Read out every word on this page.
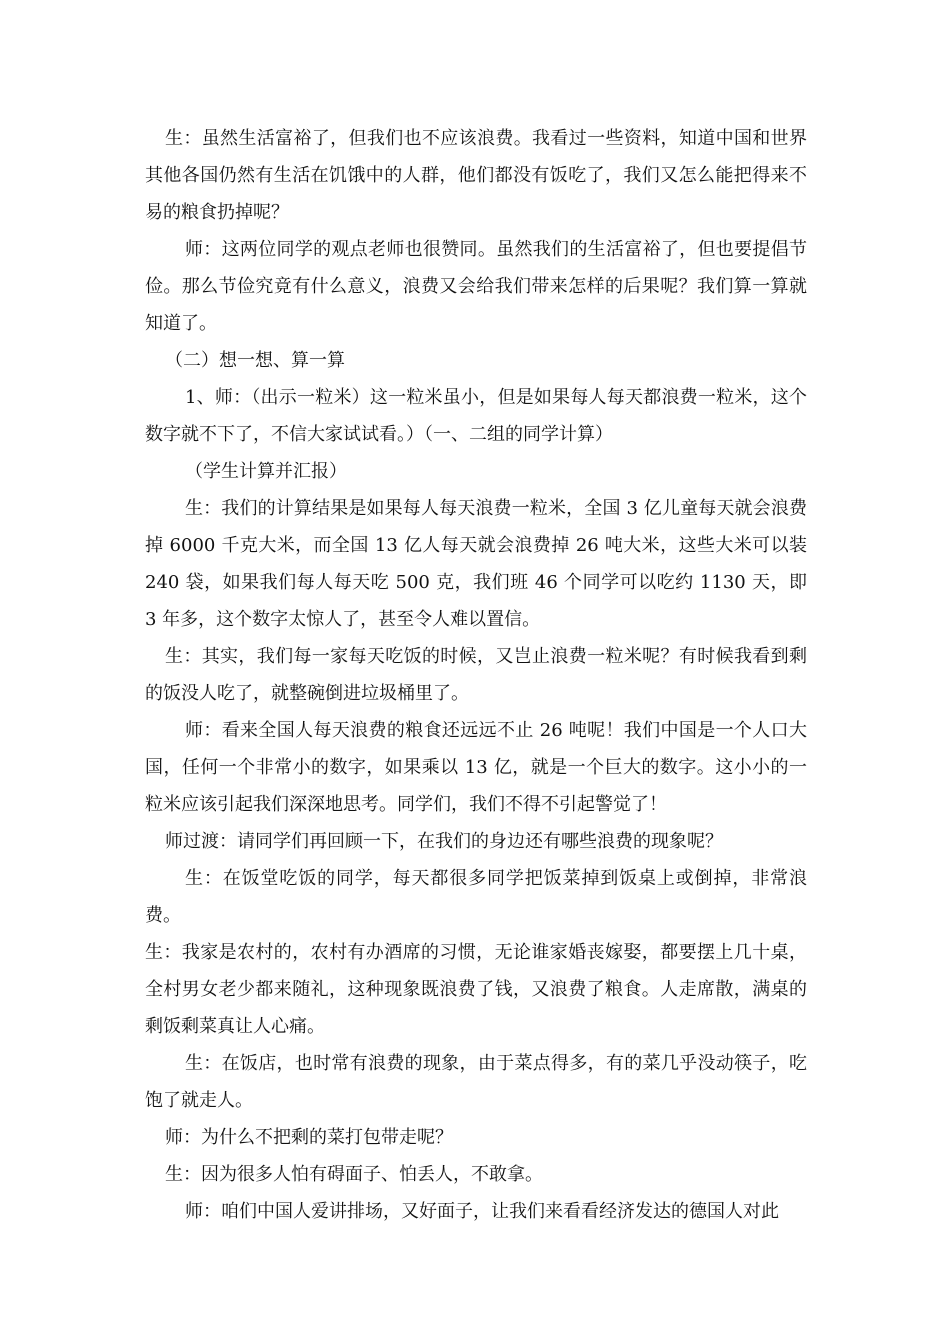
生：虽然生活富裕了，但我们也不应该浪费。我看过一些资料，知道中国和世界其他各国仍然有生活在饥饿中的人群，他们都没有饭吃了，我们又怎么能把得来不易的粮食扔掉呢？

师：这两位同学的观点老师也很赞同。虽然我们的生活富裕了，但也要提倡节俭。那么节俭究竟有什么意义，浪费又会给我们带来怎样的后果呢？我们算一算就知道了。

（二）想一想、算一算

1、师：（出示一粒米）这一粒米虽小，但是如果每人每天都浪费一粒米，这个数字就不下了，不信大家试试看。）（一、二组的同学计算）

（学生计算并汇报）

生：我们的计算结果是如果每人每天浪费一粒米，全国 3 亿儿童每天就会浪费掉 6000 千克大米，而全国 13 亿人每天就会浪费掉 26 吨大米，这些大米可以装 240 袋，如果我们每人每天吃 500 克，我们班 46 个同学可以吃约 1130 天，即 3 年多，这个数字太惊人了，甚至令人难以置信。

生：其实，我们每一家每天吃饭的时候，又岂止浪费一粒米呢？有时候我看到剩的饭没人吃了，就整碗倒进垃圾桶里了。

师：看来全国人每天浪费的粮食还远远不止 26 吨呢！我们中国是一个人口大国，任何一个非常小的数字，如果乘以 13 亿，就是一个巨大的数字。这小小的一粒米应该引起我们深深地思考。同学们，我们不得不引起警觉了！

师过渡：请同学们再回顾一下，在我们的身边还有哪些浪费的现象呢？

生：在饭堂吃饭的同学，每天都很多同学把饭菜掉到饭桌上或倒掉，非常浪费。

生：我家是农村的，农村有办酒席的习惯，无论谁家婚丧嫁娶，都要摆上几十桌，全村男女老少都来随礼，这种现象既浪费了钱，又浪费了粮食。人走席散，满桌的剩饭剩菜真让人心痛。

生：在饭店，也时常有浪费的现象，由于菜点得多，有的菜几乎没动筷子，吃饱了就走人。

师：为什么不把剩的菜打包带走呢？

生：因为很多人怕有碍面子、怕丢人，不敢拿。

师：咱们中国人爱讲排场，又好面子，让我们来看看经济发达的德国人对此
